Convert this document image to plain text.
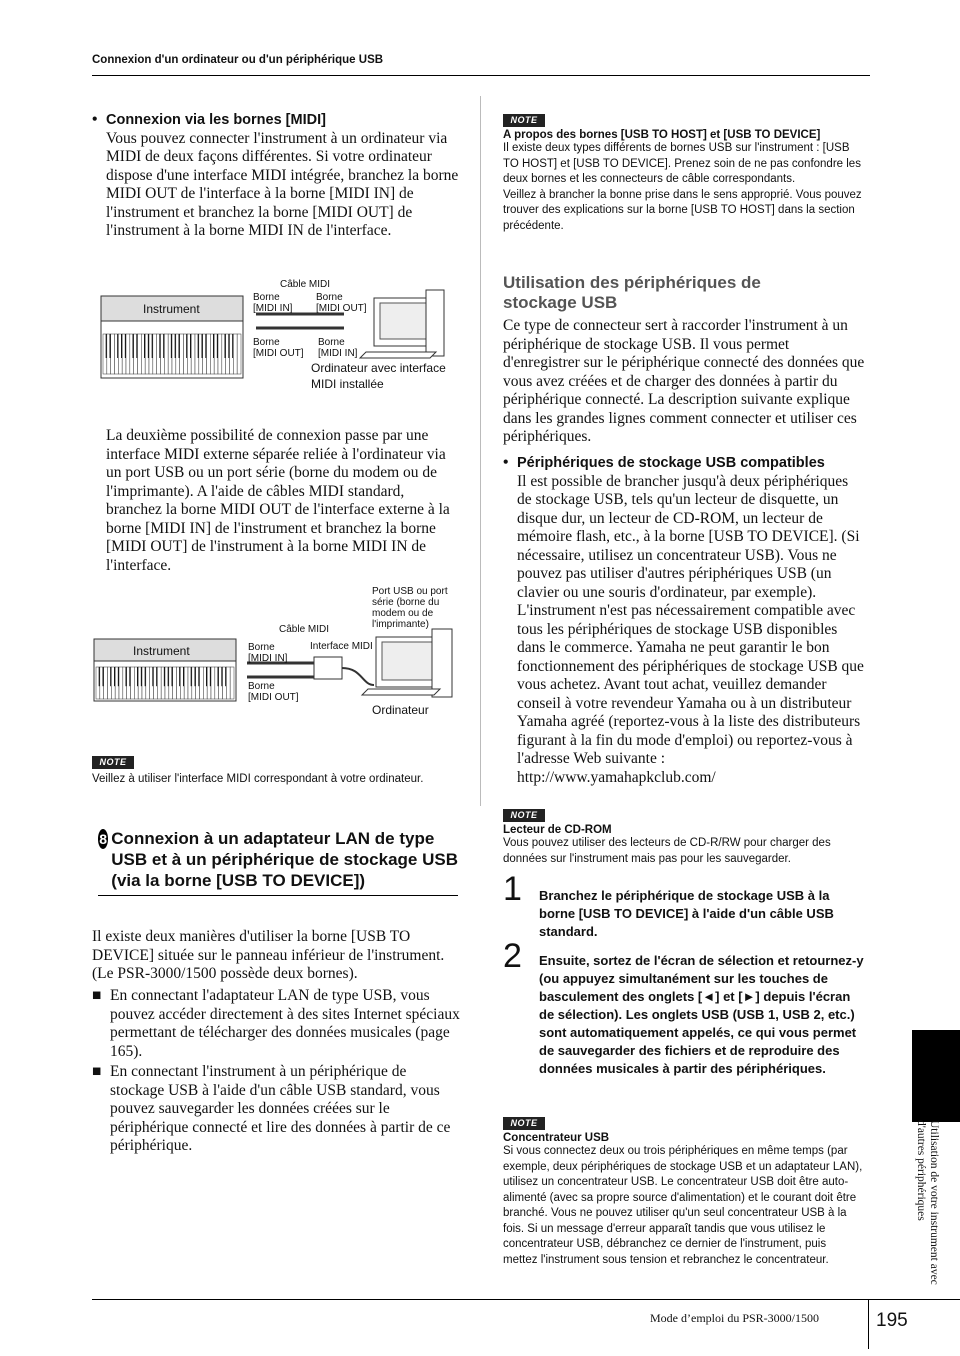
Connexion d'un ordinateur ou d'un périphérique USB
• Connexion via les bornes [MIDI]
Vous pouvez connecter l'instrument à un ordinateur via MIDI de deux façons différentes. Si votre ordinateur dispose d'une interface MIDI intégrée, branchez la borne MIDI OUT de l'interface à la borne [MIDI IN] de l'instrument et branchez la borne [MIDI OUT] de l'instrument à la borne MIDI IN de l'interface.
Câble MIDI
Instrument
Borne
[MIDI IN]
Borne
[MIDI OUT]
Borne
[MIDI OUT]
Borne
[MIDI IN]
Ordinateur avec interface
MIDI installée
La deuxième possibilité de connexion passe par une interface MIDI externe séparée reliée à l'ordinateur via un port USB ou un port série (borne du modem ou de l'imprimante). A l'aide de câbles MIDI standard, branchez la borne MIDI OUT de l'interface externe à la borne [MIDI IN] de l'instrument et branchez la borne [MIDI OUT] de l'instrument à la borne MIDI IN de l'interface.
Port USB ou port
série (borne du
modem ou de
l'imprimante)
Câble MIDI
Instrument	Borne
[MIDI IN]
Interface MIDI
Borne
[MIDI OUT]
Ordinateur
NOTE
Veillez à utiliser l'interface MIDI correspondant à votre ordinateur.
8 Connexion à un adaptateur LAN de type USB et à un périphérique de stockage USB
(via la borne [USB TO DEVICE])
Il existe deux manières d'utiliser la borne [USB TO DEVICE] située sur le panneau inférieur de l'instrument. (Le PSR-3000/1500 possède deux bornes).
■ En connectant l'adaptateur LAN de type USB, vous pouvez accéder directement à des sites Internet spéciaux permettant de télécharger des données musicales (page 165).
■ En connectant l'instrument à un périphérique de stockage USB à l'aide d'un câble USB standard, vous pouvez sauvegarder les données créées sur le périphérique connecté et lire des données à partir de ce périphérique.
NOTE
A propos des bornes [USB TO HOST] et [USB TO DEVICE]
Il existe deux types différents de bornes USB sur l'instrument : [USB TO HOST] et [USB TO DEVICE]. Prenez soin de ne pas confondre les deux bornes et les connecteurs de câble correspondants.
Veillez à brancher la bonne prise dans le sens approprié. Vous pouvez trouver des explications sur la borne [USB TO HOST] dans la section précédente.
Utilisation des périphériques de stockage USB
Ce type de connecteur sert à raccorder l'instrument à un périphérique de stockage USB. Il vous permet d'enregistrer sur le périphérique connecté des données que vous avez créées et de charger des données à partir du périphérique connecté. La description suivante explique dans les grandes lignes comment connecter et utiliser ces périphériques.
• Périphériques de stockage USB compatibles
Il est possible de brancher jusqu'à deux périphériques de stockage USB, tels qu'un lecteur de disquette, un disque dur, un lecteur de CD-ROM, un lecteur de mémoire flash, etc., à la borne [USB TO DEVICE]. (Si nécessaire, utilisez un concentrateur USB). Vous ne pouvez pas utiliser d'autres périphériques USB (un clavier ou une souris d'ordinateur, par exemple). L'instrument n'est pas nécessairement compatible avec tous les périphériques de stockage USB disponibles dans le commerce. Yamaha ne peut garantir le bon fonctionnement des périphériques de stockage USB que vous achetez. Avant tout achat, veuillez demander conseil à votre revendeur Yamaha ou à un distributeur Yamaha agréé (reportez-vous à la liste des distributeurs figurant à la fin du mode d'emploi) ou reportez-vous à l'adresse Web suivante : http://www.yamahapkclub.com/
NOTE
Lecteur de CD-ROM
Vous pouvez utiliser des lecteurs de CD-R/RW pour charger des données sur l'instrument mais pas pour les sauvegarder.
1	Branchez le périphérique de stockage USB à la borne [USB TO DEVICE] à l'aide d'un câble USB standard.
2	Ensuite, sortez de l'écran de sélection et retournez-y (ou appuyez simultanément sur les touches de basculement des onglets [◄] et [►] depuis l'écran de sélection). Les onglets USB (USB 1, USB 2, etc.) sont automatiquement appelés, ce qui vous permet de sauvegarder des fichiers et de reproduire des données musicales à partir des périphériques.
NOTE
Concentrateur USB
Si vous connectez deux ou trois périphériques en même temps (par exemple, deux périphériques de stockage USB et un adaptateur LAN), utilisez un concentrateur USB. Le concentrateur USB doit être auto-alimenté (avec sa propre source d'alimentation) et le courant doit être branché. Vous ne pouvez utiliser qu'un seul concentrateur USB à la fois. Si un message d'erreur apparaît tandis que vous utilisez le concentrateur USB, débranchez ce dernier de l'instrument, puis mettez l'instrument sous tension et rebranchez le concentrateur.	Utilisation de votre instrument avec d'autres périphériques
Mode d’emploi du PSR-3000/1500	195
